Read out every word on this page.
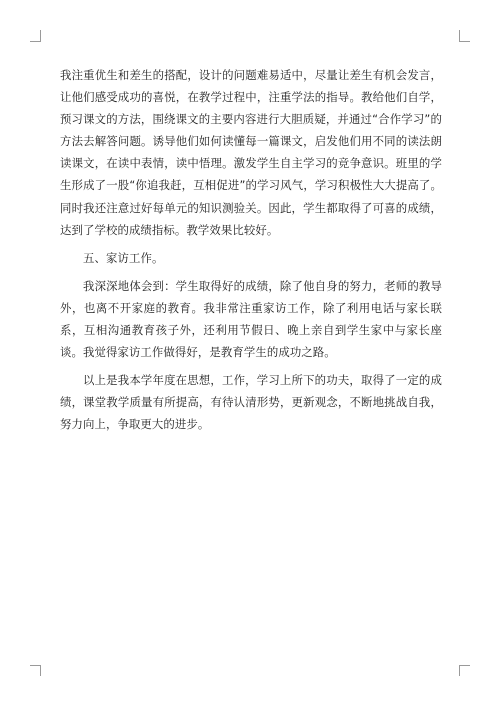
我注重优生和差生的搭配，设计的问题难易适中，尽量让差生有机会发言，让他们感受成功的喜悦，在教学过程中，注重学法的指导。教给他们自学，预习课文的方法，围绕课文的主要内容进行大胆质疑，并通过“合作学习”的方法去解答问题。诱导他们如何读懂每一篇课文，启发他们用不同的读法朗读课文，在读中表情，读中悟理。激发学生自主学习的竞争意识。班里的学生形成了一股“你追我赶，互相促进”的学习风气，学习积极性大大提高了。同时我还注意过好每单元的知识测验关。因此，学生都取得了可喜的成绩，达到了学校的成绩指标。教学效果比较好。

五、家访工作。

我深深地体会到：学生取得好的成绩，除了他自身的努力，老师的教导外，也离不开家庭的教育。我非常注重家访工作，除了利用电话与家长联系，互相沟通教育孩子外，还利用节假日、晚上亲自到学生家中与家长座谈。我觉得家访工作做得好，是教育学生的成功之路。

以上是我本学年度在思想，工作，学习上所下的功夫，取得了一定的成绩，课堂教学质量有所提高，有待认清形势，更新观念，不断地挑战自我，努力向上，争取更大的进步。
